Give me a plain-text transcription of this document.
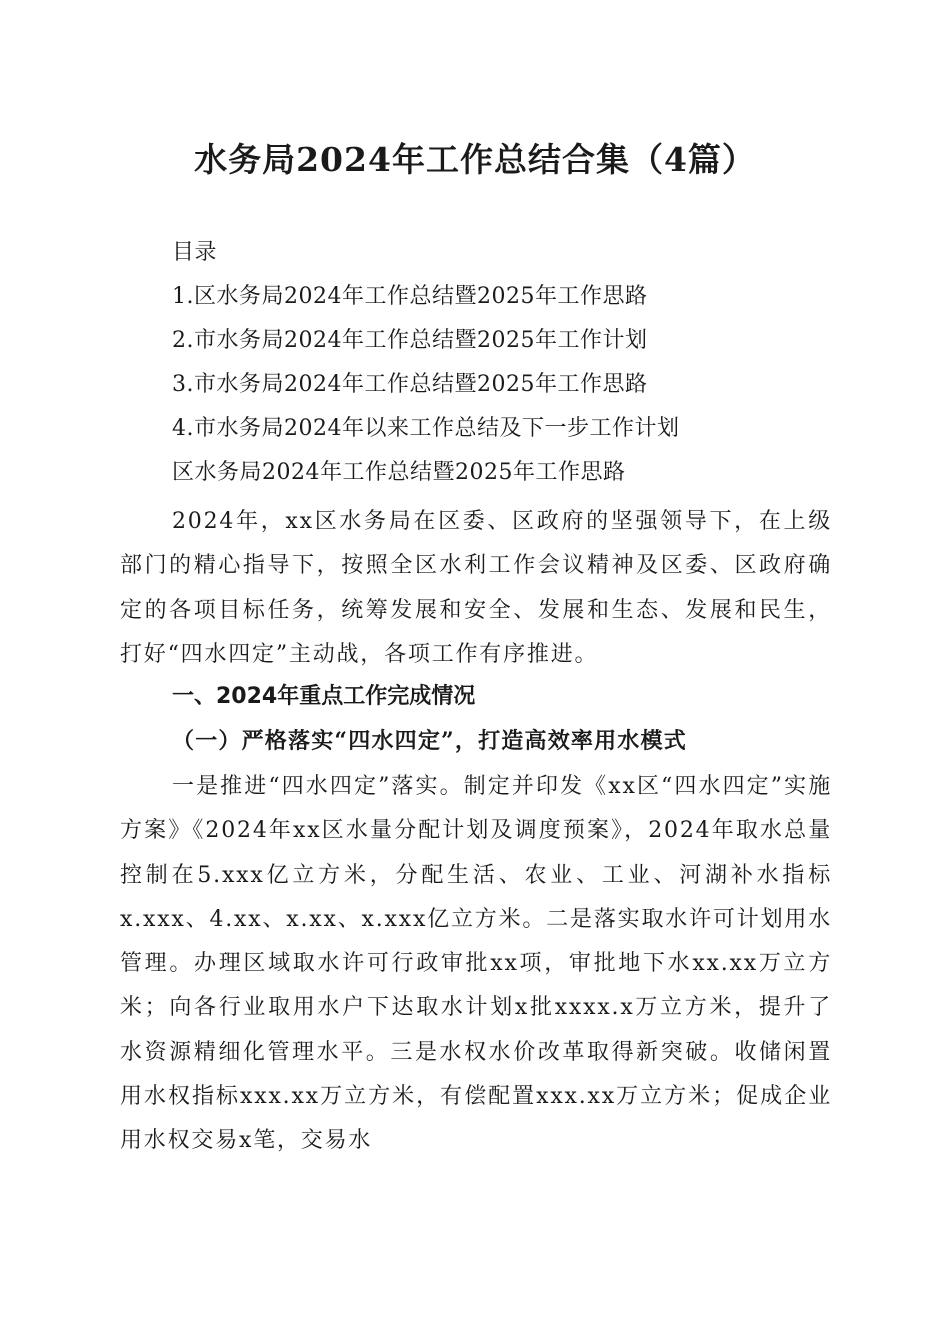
水务局2024年工作总结合集（4篇）
目录
1.区水务局2024年工作总结暨2025年工作思路
2.市水务局2024年工作总结暨2025年工作计划
3.市水务局2024年工作总结暨2025年工作思路
4.市水务局2024年以来工作总结及下一步工作计划
区水务局2024年工作总结暨2025年工作思路

2024年，xx区水务局在区委、区政府的坚强领导下，在上级部门的精心指导下，按照全区水利工作会议精神及区委、区政府确定的各项目标任务，统筹发展和安全、发展和生态、发展和民生，打好“四水四定”主动战，各项工作有序推进。

一、2024年重点工作完成情况
（一）严格落实“四水四定”，打造高效率用水模式

一是推进“四水四定”落实。制定并印发《xx区“四水四定”实施方案》《2024年xx区水量分配计划及调度预案》，2024年取水总量控制在5.xxx亿立方米，分配生活、农业、工业、河湖补水指标x.xxx、4.xx、x.xx、x.xxx亿立方米。二是落实取水许可计划用水管理。办理区域取水许可行政审批xx项，审批地下水xx.xx万立方米；向各行业取用水户下达取水计划x批xxxx.x万立方米，提升了水资源精细化管理水平。三是水权水价改革取得新突破。收储闲置用水权指标xxx.xx万立方米，有偿配置xxx.xx万立方米；促成企业用水权交易x笔，交易水
